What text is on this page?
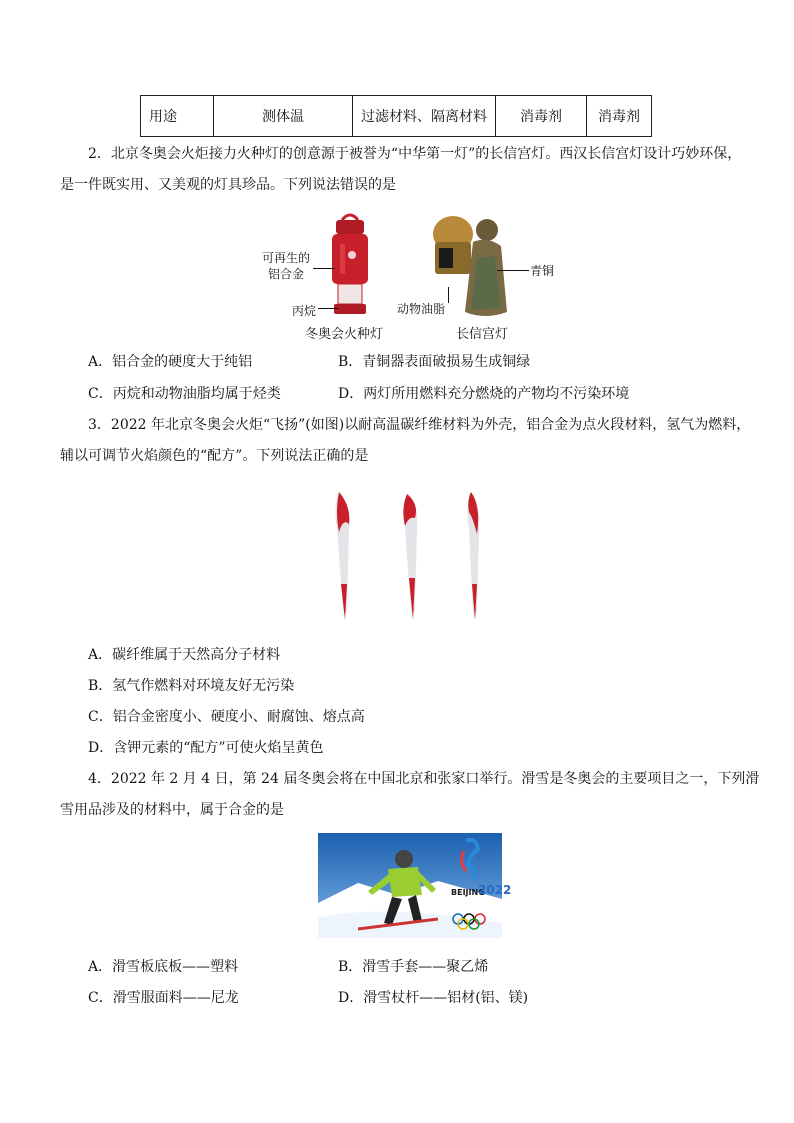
用途	测体温	过滤材料、隔离材料	消毒剂	消毒剂
2．北京冬奥会火炬接力火种灯的创意源于被誉为“中华第一灯”的长信宫灯。西汉长信宫灯设计巧妙环保，
是一件既实用、又美观的灯具珍品。下列说法错误的是
可再生的
铝合金
丙烷
冬奥会火种灯
青铜
动物油脂
长信宫灯
A．铝合金的硬度大于纯铝	B．青铜器表面破损易生成铜绿
C．丙烷和动物油脂均属于烃类	D．两灯所用燃料充分燃烧的产物均不污染环境
3．2022 年北京冬奥会火炬“飞扬”(如图)以耐高温碳纤维材料为外壳，铝合金为点火段材料，氢气为燃料，
辅以可调节火焰颜色的“配方”。下列说法正确的是
A．碳纤维属于天然高分子材料
B．氢气作燃料对环境友好无污染
C．铝合金密度小、硬度小、耐腐蚀、熔点高
D．含钾元素的“配方”可使火焰呈黄色
4．2022 年 2 月 4 日，第 24 届冬奥会将在中国北京和张家口举行。滑雪是冬奥会的主要项目之一，下列滑
雪用品涉及的材料中，属于合金的是
BEIJING
2022
A．滑雪板底板——塑料	B．滑雪手套——聚乙烯
C．滑雪服面料——尼龙	D．滑雪杖杆——铝材(铝、镁)
